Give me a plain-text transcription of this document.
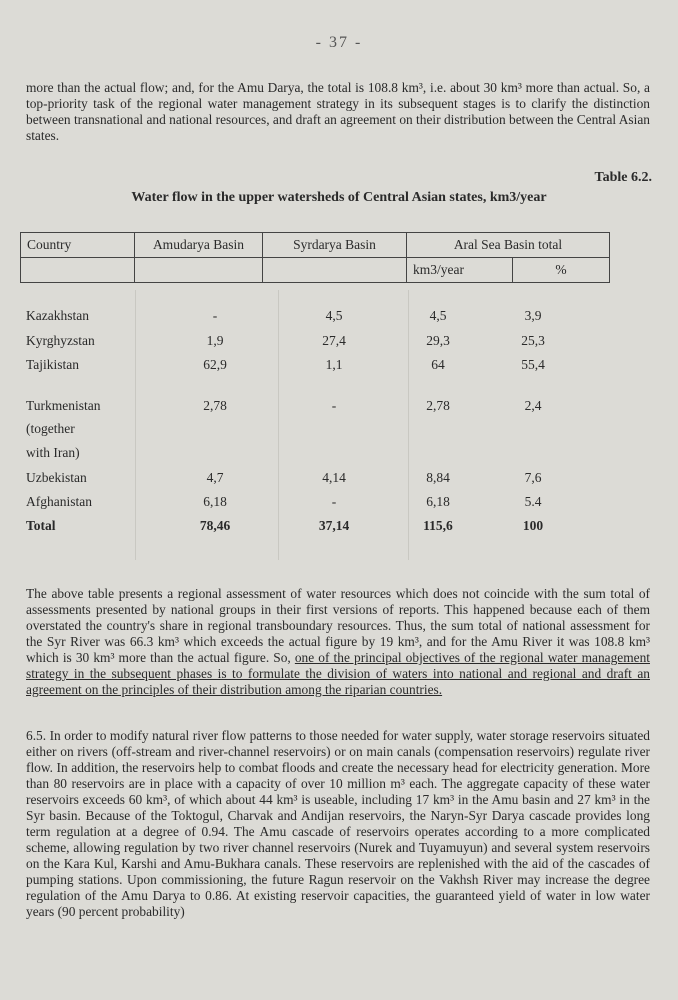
- 37 -

more than the actual flow; and, for the Amu Darya, the total is 108.8 km³, i.e. about 30 km³ more than actual. So, a top-priority task of the regional water management strategy in its subsequent stages is to clarify the distinction between transnational and national resources, and draft an agreement on their distribution between the Central Asian states.

Table 6.2.
Water flow in the upper watersheds of Central Asian states, km3/year
Country	Amudarya Basin	Syrdarya Basin	Aral Sea Basin total	
			km3/year	%
Kazakhstan	-	4,5	4,5	3,9
Kyrghyzstan	1,9	27,4	29,3	25,3
Tajikistan	62,9	1,1	64	55,4
Turkmenistan	2,78	-	2,78	2,4
(together
with Iran)
Uzbekistan	4,7	4,14	8,84	7,6
Afghanistan	6,18	-	6,18	5.4
Total	78,46	37,14	115,6	100

The above table presents a regional assessment of water resources which does not coincide with the sum total of assessments presented by national groups in their first versions of reports. This happened because each of them overstated the country's share in regional transboundary resources. Thus, the sum total of national assessment for the Syr River was 66.3 km³ which exceeds the actual figure by 19 km³, and for the Amu River it was 108.8 km³ which is 30 km³ more than the actual figure. So, one of the principal objectives of the regional water management strategy in the subsequent phases is to formulate the division of waters into national and regional and draft an agreement on the principles of their distribution among the riparian countries.

6.5. In order to modify natural river flow patterns to those needed for water supply, water storage reservoirs situated either on rivers (off-stream and river-channel reservoirs) or on main canals (compensation reservoirs) regulate river flow. In addition, the reservoirs help to combat floods and create the necessary head for electricity generation. More than 80 reservoirs are in place with a capacity of over 10 million m³ each. The aggregate capacity of these water reservoirs exceeds 60 km³, of which about 44 km³ is useable, including 17 km³ in the Amu basin and 27 km³ in the Syr basin. Because of the Toktogul, Charvak and Andijan reservoirs, the Naryn-Syr Darya cascade provides long term regulation at a degree of 0.94. The Amu cascade of reservoirs operates according to a more complicated scheme, allowing regulation by two river channel reservoirs (Nurek and Tuyamuyun) and several system reservoirs on the Kara Kul, Karshi and Amu-Bukhara canals. These reservoirs are replenished with the aid of the cascades of pumping stations. Upon commissioning, the future Ragun reservoir on the Vakhsh River may increase the degree regulation of the Amu Darya to 0.86. At existing reservoir capacities, the guaranteed yield of water in low water years (90 percent probability)
